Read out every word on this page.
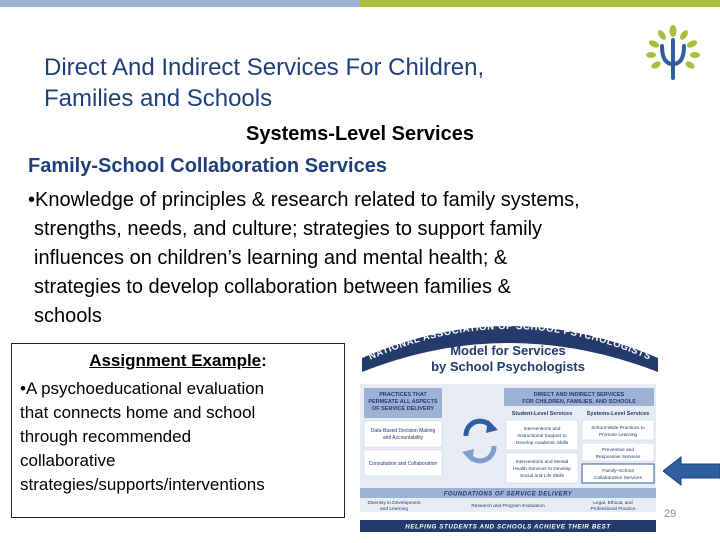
Direct And Indirect Services For Children,
Families and Schools
Systems-Level Services
Family-School Collaboration Services
•Knowledge of principles & research related to family systems,
strengths, needs, and culture; strategies to support family
influences on children’s learning and mental health; &
strategies to develop collaboration between families &
schools
Assignment Example:
•A psychoeducational evaluation
that connects home and school
through recommended
collaborative
strategies/supports/interventions
NATIONAL ASSOCIATION OF SCHOOL PSYCHOLOGISTS
Model for Services
by School Psychologists
PRACTICES THAT
PERMEATE ALL ASPECTS
OF SERVICE DELIVERY
Data-Based Decision Making
and Accountability
Consultation and Collaboration
DIRECT AND INDIRECT SERVICES
FOR CHILDREN, FAMILIES, AND SCHOOLS
Student-Level Services	Systems-Level Services
Interventions and
Instructional Support to
Develop Academic Skills
School-Wide Practices to
Promote Learning
Interventions and Mental
Health Services to Develop
Social and Life Skills
Preventive and
Responsive Services
Family–School
Collaboration Services
FOUNDATIONS OF SERVICE DELIVERY
Diversity in Development
and Learning
Research and Program Evaluation
Legal, Ethical, and
Professional Practice
HELPING STUDENTS AND SCHOOLS ACHIEVE THEIR BEST
29
